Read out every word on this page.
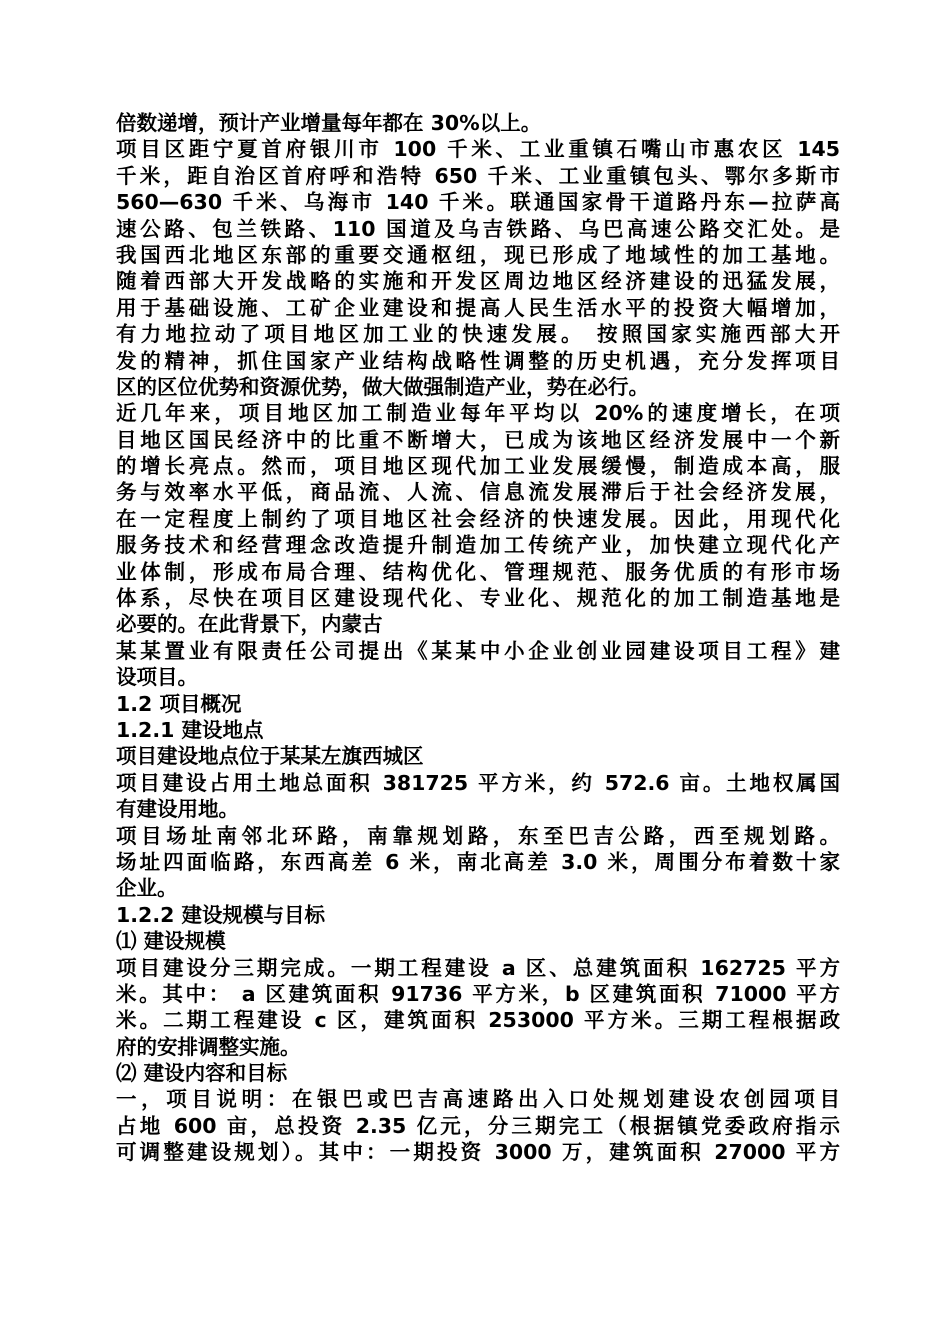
倍数递增，预计产业增量每年都在 30%以上。
项目区距宁夏首府银川市 100 千米、工业重镇石嘴山市惠农区 145
千米，距自治区首府呼和浩特 650 千米、工业重镇包头、鄂尔多斯市
560—630 千米、乌海市 140 千米。联通国家骨干道路丹东—拉萨高
速公路、包兰铁路、110 国道及乌吉铁路、乌巴高速公路交汇处。是
我国西北地区东部的重要交通枢纽，现已形成了地域性的加工基地。
随着西部大开发战略的实施和开发区周边地区经济建设的迅猛发展，
用于基础设施、工矿企业建设和提高人民生活水平的投资大幅增加，
有力地拉动了项目地区加工业的快速发展。 按照国家实施西部大开
发的精神，抓住国家产业结构战略性调整的历史机遇，充分发挥项目
区的区位优势和资源优势，做大做强制造产业，势在必行。
近几年来，项目地区加工制造业每年平均以 20%的速度增长，在项
目地区国民经济中的比重不断增大，已成为该地区经济发展中一个新
的增长亮点。然而，项目地区现代加工业发展缓慢，制造成本高，服
务与效率水平低，商品流、人流、信息流发展滞后于社会经济发展，
在一定程度上制约了项目地区社会经济的快速发展。因此，用现代化
服务技术和经营理念改造提升制造加工传统产业，加快建立现代化产
业体制，形成布局合理、结构优化、管理规范、服务优质的有形市场
体系，尽快在项目区建设现代化、专业化、规范化的加工制造基地是
必要的。在此背景下，内蒙古
某某置业有限责任公司提出《某某中小企业创业园建设项目工程》建
设项目。
1.2 项目概况
1.2.1 建设地点
项目建设地点位于某某左旗西城区
项目建设占用土地总面积 381725 平方米，约 572.6 亩。土地权属国
有建设用地。
项目场址南邻北环路，南靠规划路，东至巴吉公路，西至规划路。
场址四面临路，东西高差 6 米，南北高差 3.0 米，周围分布着数十家
企业。
1.2.2 建设规模与目标
⑴ 建设规模
项目建设分三期完成。一期工程建设 a 区、总建筑面积 162725 平方
米。其中： a 区建筑面积 91736 平方米，b 区建筑面积 71000 平方
米。二期工程建设 c 区，建筑面积 253000 平方米。三期工程根据政
府的安排调整实施。
⑵ 建设内容和目标
一，项目说明：在银巴或巴吉高速路出入口处规划建设农创园项目
占地 600 亩，总投资 2.35 亿元，分三期完工（根据镇党委政府指示
可调整建设规划）。其中：一期投资 3000 万，建筑面积 27000 平方
